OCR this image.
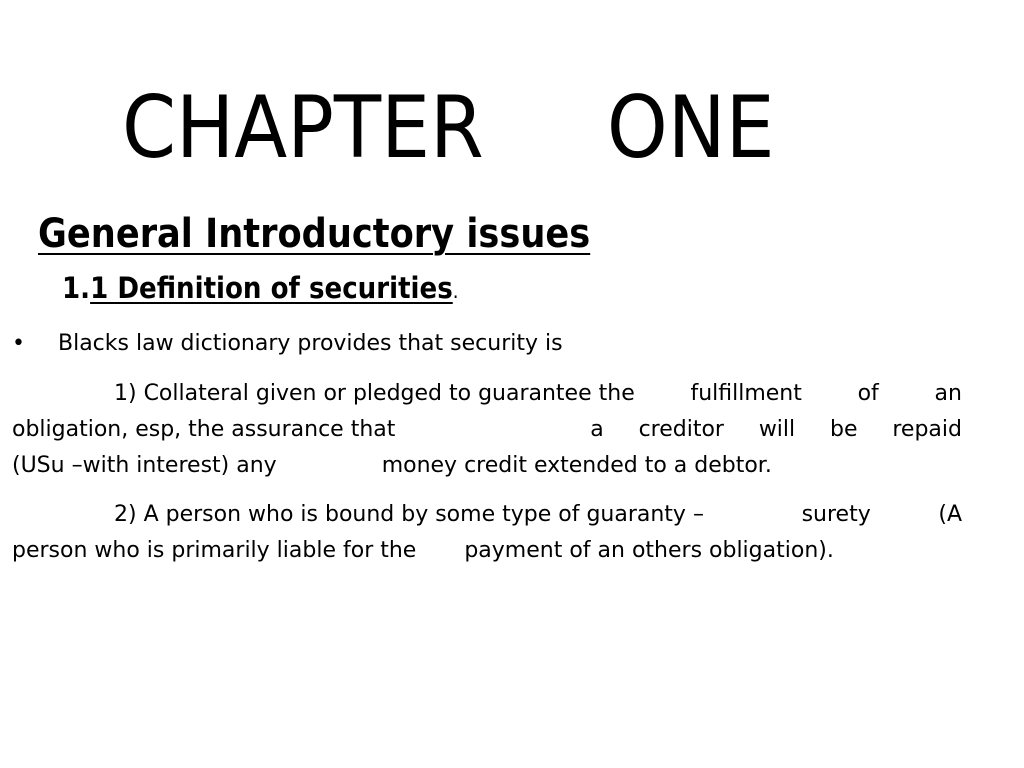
CHAPTER     ONE
General Introductory issues
1.1 Definition of securities.
• Blacks law dictionary provides that security is
1) Collateral given or pledged to guarantee the	fulfillment	of	an
obligation, esp, the assurance that	a creditor will be repaid
(USu –with interest) any	money credit extended to a debtor.
2) A person who is bound by some type of guaranty –	surety	(A
person who is primarily liable for the payment of an others obligation).
